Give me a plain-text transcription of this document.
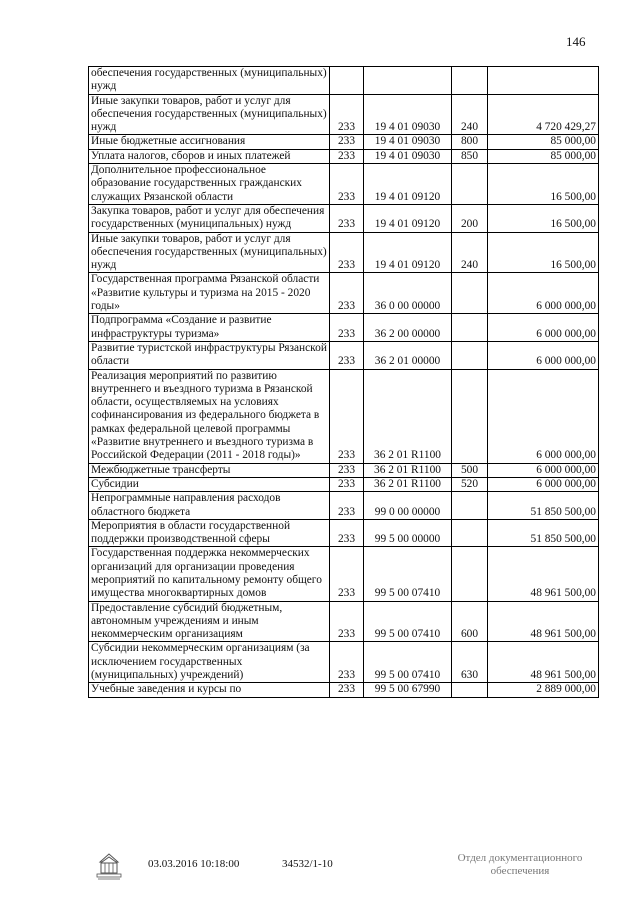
146
обеспечения государственных (муниципальных) нужд				
Иные закупки товаров, работ и услуг для обеспечения государственных (муниципальных) нужд	233	19 4 01 09030	240	4 720 429,27
Иные бюджетные ассигнования	233	19 4 01 09030	800	85 000,00
Уплата налогов, сборов и иных платежей	233	19 4 01 09030	850	85 000,00
Дополнительное профессиональное образование государственных гражданских служащих Рязанской области	233	19 4 01 09120		16 500,00
Закупка товаров, работ и услуг для обеспечения государственных (муниципальных) нужд	233	19 4 01 09120	200	16 500,00
Иные закупки товаров, работ и услуг для обеспечения государственных (муниципальных) нужд	233	19 4 01 09120	240	16 500,00
Государственная программа Рязанской области «Развитие культуры и туризма на 2015 - 2020 годы»	233	36 0 00 00000		6 000 000,00
Подпрограмма «Создание и развитие инфраструктуры туризма»	233	36 2 00 00000		6 000 000,00
Развитие туристской инфраструктуры Рязанской области	233	36 2 01 00000		6 000 000,00
Реализация мероприятий по развитию внутреннего и въездного туризма в Рязанской области, осуществляемых на условиях софинансирования из федерального бюджета в рамках федеральной целевой программы «Развитие внутреннего и въездного туризма в Российской Федерации (2011 - 2018 годы)»	233	36 2 01 R1100		6 000 000,00
Межбюджетные трансферты	233	36 2 01 R1100	500	6 000 000,00
Субсидии	233	36 2 01 R1100	520	6 000 000,00
Непрограммные направления расходов областного бюджета	233	99 0 00 00000		51 850 500,00
Мероприятия в области государственной поддержки производственной сферы	233	99 5 00 00000		51 850 500,00
Государственная поддержка некоммерческих организаций для организации проведения мероприятий по капитальному ремонту общего имущества многоквартирных домов	233	99 5 00 07410		48 961 500,00
Предоставление субсидий бюджетным, автономным учреждениям и иным некоммерческим организациям	233	99 5 00 07410	600	48 961 500,00
Субсидии некоммерческим организациям (за исключением государственных (муниципальных) учреждений)	233	99 5 00 07410	630	48 961 500,00
Учебные заведения и курсы по	233	99 5 00 67990		2 889 000,00
03.03.2016 10:18:00	34532/1-10	Отдел документационного
обеспечения
